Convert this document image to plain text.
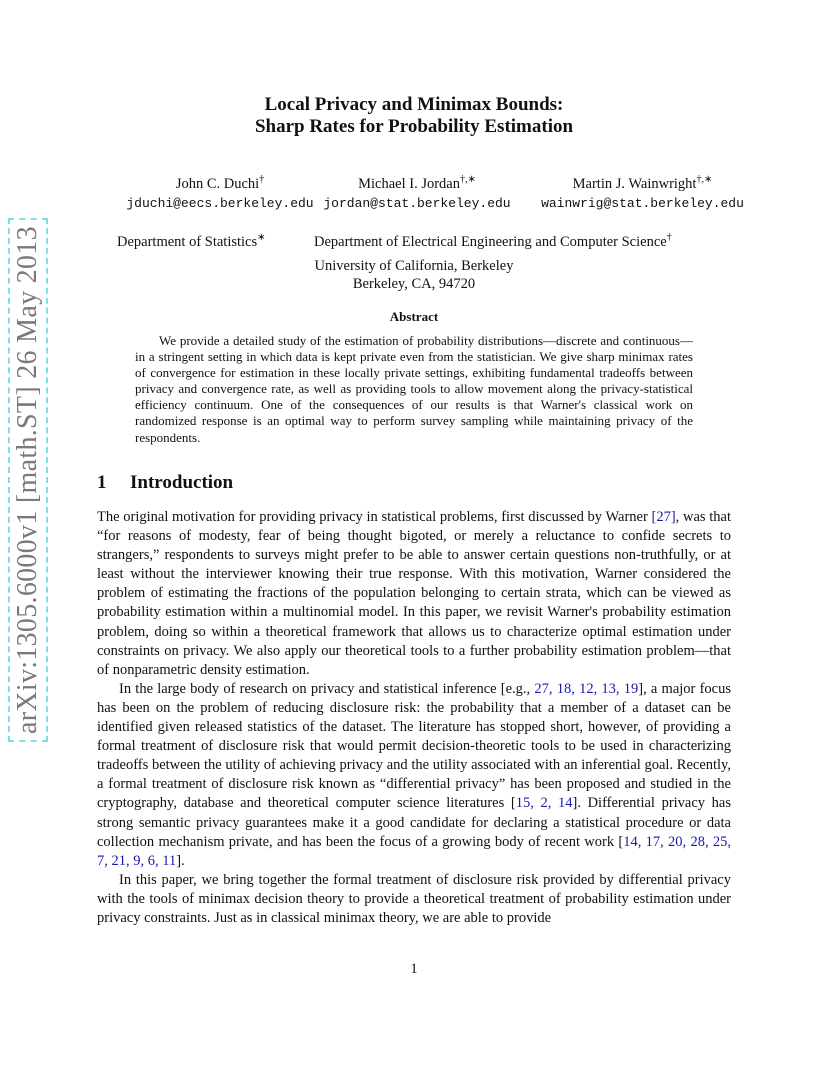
arXiv:1305.6000v1 [math.ST] 26 May 2013
Local Privacy and Minimax Bounds:
Sharp Rates for Probability Estimation
John C. Duchi†
jduchi@eecs.berkeley.edu
Michael I. Jordan†,∗
jordan@stat.berkeley.edu
Martin J. Wainwright†,∗
wainwrig@stat.berkeley.edu
Department of Statistics∗	Department of Electrical Engineering and Computer Science†
University of California, Berkeley
Berkeley, CA, 94720
Abstract

We provide a detailed study of the estimation of probability distributions—discrete and continuous—in a stringent setting in which data is kept private even from the statistician. We give sharp minimax rates of convergence for estimation in these locally private settings, exhibiting fundamental tradeoffs between privacy and convergence rate, as well as providing tools to allow movement along the privacy-statistical efficiency continuum. One of the consequences of our results is that Warner's classical work on randomized response is an optimal way to perform survey sampling while maintaining privacy of the respondents.

1 Introduction

The original motivation for providing privacy in statistical problems, first discussed by Warner [27], was that “for reasons of modesty, fear of being thought bigoted, or merely a reluctance to confide secrets to strangers,” respondents to surveys might prefer to be able to answer certain questions non-truthfully, or at least without the interviewer knowing their true response. With this motivation, Warner considered the problem of estimating the fractions of the population belonging to certain strata, which can be viewed as probability estimation within a multinomial model. In this paper, we revisit Warner's probability estimation problem, doing so within a theoretical framework that allows us to characterize optimal estimation under constraints on privacy. We also apply our theoretical tools to a further probability estimation problem—that of nonparametric density estimation.

In the large body of research on privacy and statistical inference [e.g., 27, 18, 12, 13, 19], a major focus has been on the problem of reducing disclosure risk: the probability that a member of a dataset can be identified given released statistics of the dataset. The literature has stopped short, however, of providing a formal treatment of disclosure risk that would permit decision-theoretic tools to be used in characterizing tradeoffs between the utility of achieving privacy and the utility associated with an inferential goal. Recently, a formal treatment of disclosure risk known as “differential privacy” has been proposed and studied in the cryptography, database and theoretical computer science literatures [15, 2, 14]. Differential privacy has strong semantic privacy guarantees make it a good candidate for declaring a statistical procedure or data collection mechanism private, and has been the focus of a growing body of recent work [14, 17, 20, 28, 25, 7, 21, 9, 6, 11].

In this paper, we bring together the formal treatment of disclosure risk provided by differential privacy with the tools of minimax decision theory to provide a theoretical treatment of probability estimation under privacy constraints. Just as in classical minimax theory, we are able to provide

1
